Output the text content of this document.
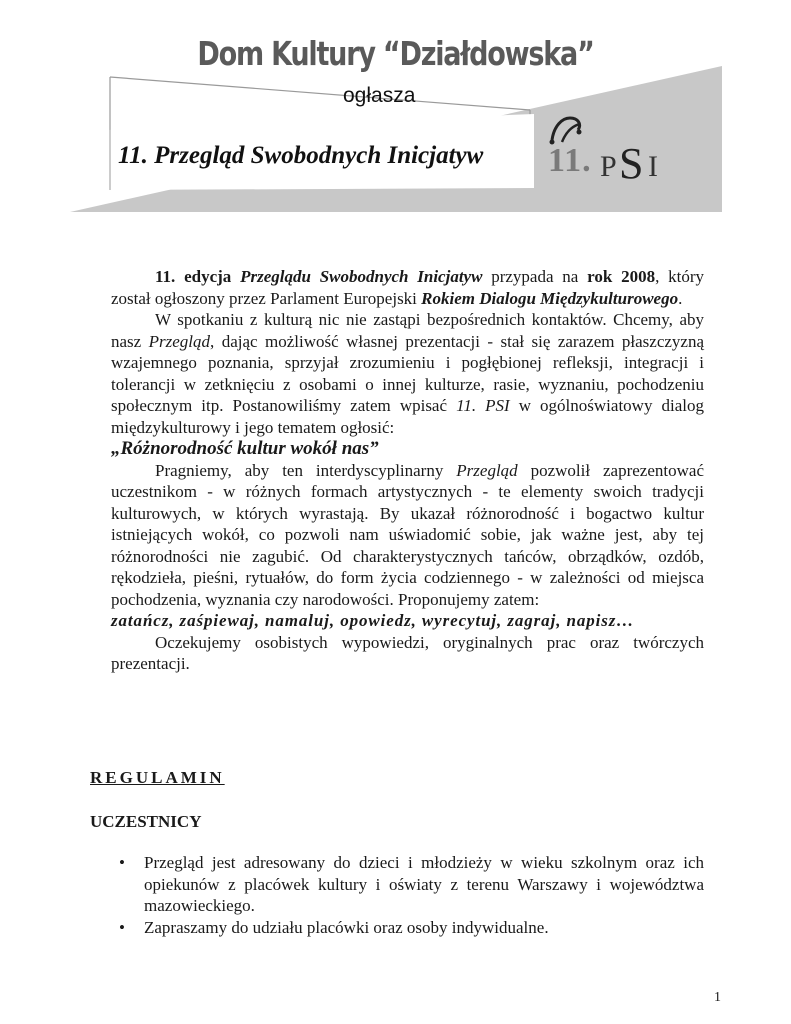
Dom Kultury “Działdowska”
ogłasza
11. Przegląd Swobodnych Inicjatyw 11. P S I

11. edycja Przeglądu Swobodnych Inicjatyw przypada na rok 2008, który został ogłoszony przez Parlament Europejski Rokiem Dialogu Międzykulturowego.

W spotkaniu z kulturą nic nie zastąpi bezpośrednich kontaktów. Chcemy, aby nasz Przegląd, dając możliwość własnej prezentacji - stał się zarazem płaszczyzną wzajemnego poznania, sprzyjał zrozumieniu i pogłębionej refleksji, integracji i tolerancji w zetknięciu z osobami o innej kulturze, rasie, wyznaniu, pochodzeniu społecznym itp. Postanowiliśmy zatem wpisać 11. PSI w ogólnoświatowy dialog międzykulturowy i jego tematem ogłosić:

„Różnorodność kultur wokół nas”

Pragniemy, aby ten interdyscyplinarny Przegląd pozwolił zaprezentować uczestnikom - w różnych formach artystycznych - te elementy swoich tradycji kulturowych, w których wyrastają. By ukazał różnorodność i bogactwo kultur istniejących wokół, co pozwoli nam uświadomić sobie, jak ważne jest, aby tej różnorodności nie zagubić. Od charakterystycznych tańców, obrządków, ozdób, rękodzieła, pieśni, rytuałów, do form życia codziennego - w zależności od miejsca pochodzenia, wyznania czy narodowości. Proponujemy zatem:

zatańcz, zaśpiewaj, namaluj, opowiedz, wyrecytuj, zagraj, napisz…

Oczekujemy osobistych wypowiedzi, oryginalnych prac oraz twórczych prezentacji.

REGULAMIN
UCZESTNICY
• Przegląd jest adresowany do dzieci i młodzieży w wieku szkolnym oraz ich opiekunów z placówek kultury i oświaty z terenu Warszawy i województwa mazowieckiego.
• Zapraszamy do udziału placówki oraz osoby indywidualne.
1
